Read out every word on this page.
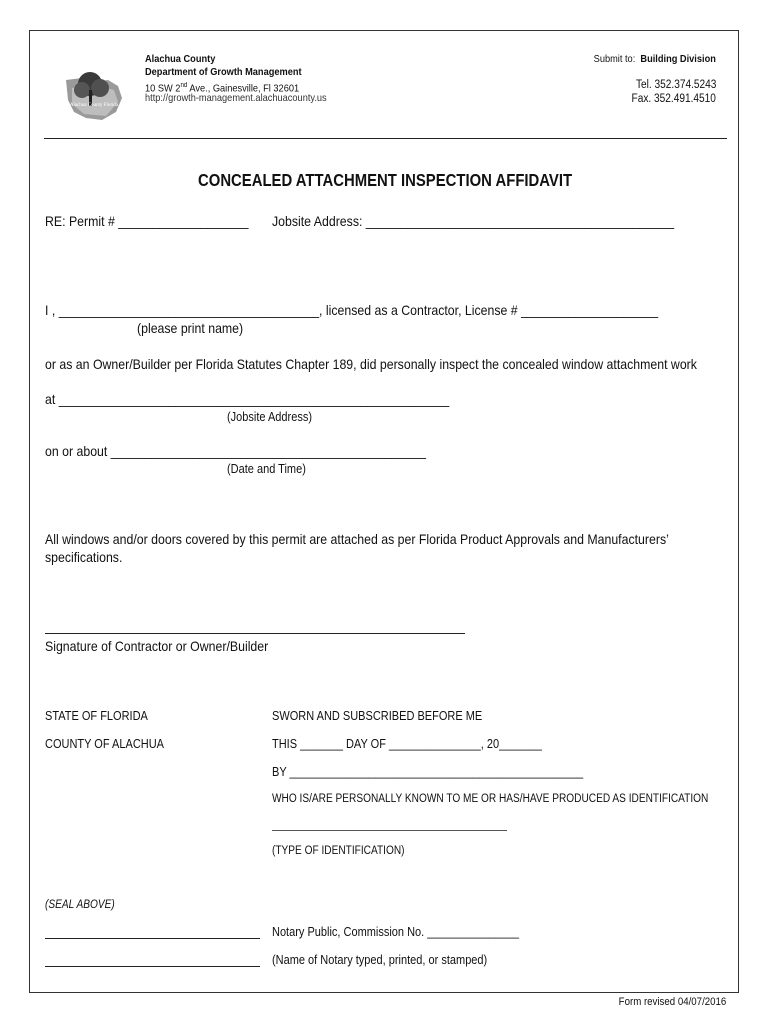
Alachua County Florida
Alachua County
Department of Growth Management
10 SW 2nd Ave., Gainesville, Fl 32601
http://growth-management.alachuacounty.us
Submit to: Building Division
Tel. 352.374.5243
Fax. 352.491.4510
CONCEALED ATTACHMENT INSPECTION AFFIDAVIT
RE: Permit # ___________________	Jobsite Address: _____________________________________________
I , ______________________________________, licensed as a Contractor, License # ____________________
(please print name)
or as an Owner/Builder per Florida Statutes Chapter 189, did personally inspect the concealed window attachment work
at _________________________________________________________
(Jobsite Address)
on or about ______________________________________________
(Date and Time)
All windows and/or doors covered by this permit are attached as per Florida Product Approvals and Manufacturers’
specifications.
Signature of Contractor or Owner/Builder
STATE OF FLORIDA
COUNTY OF ALACHUA
SWORN AND SUBSCRIBED BEFORE ME
THIS _______ DAY OF _______________, 20_______
BY ________________________________________________
WHO IS/ARE PERSONALLY KNOWN TO ME OR HAS/HAVE PRODUCED AS IDENTIFICATION
(TYPE OF IDENTIFICATION)
(SEAL ABOVE)
Notary Public, Commission No. _______________
(Name of Notary typed, printed, or stamped)
Form revised 04/07/2016
